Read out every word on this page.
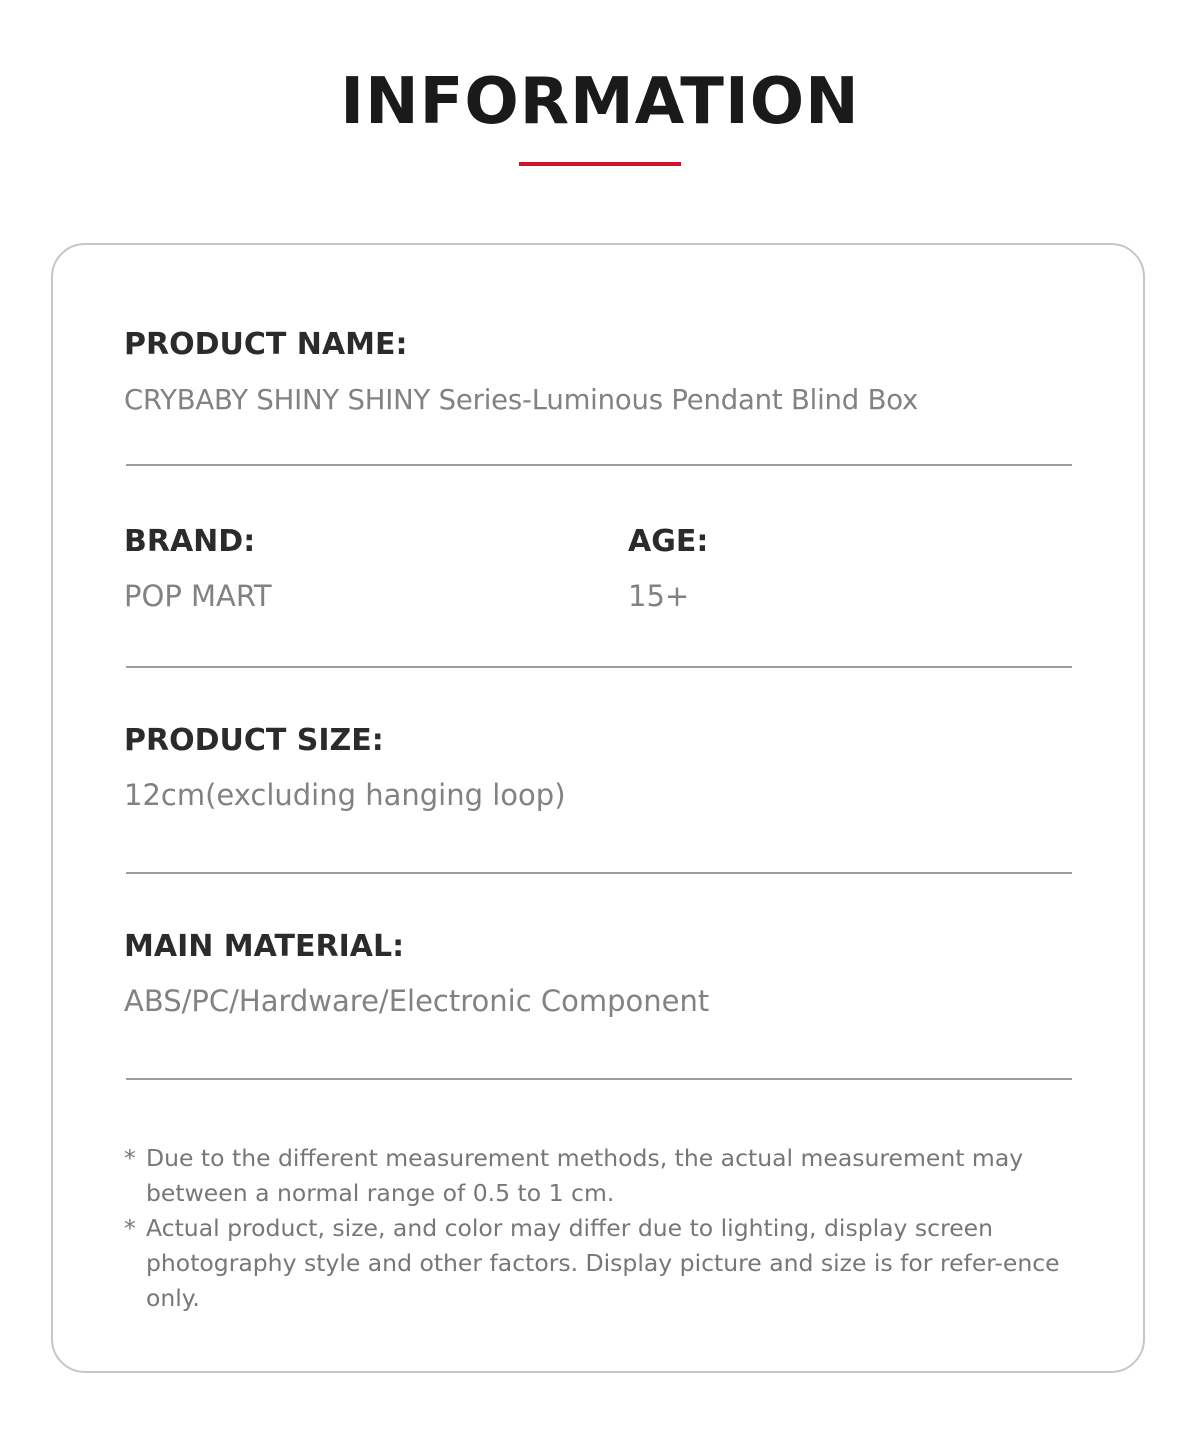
INFORMATION
PRODUCT NAME:
CRYBABY SHINY SHINY Series-Luminous Pendant Blind Box
BRAND:
POP MART
AGE:
15+
PRODUCT SIZE:
12cm(excluding hanging loop)
MAIN MATERIAL:
ABS/PC/Hardware/Electronic Component
* Due to the different measurement methods, the actual measurement may between a normal range of 0.5 to 1 cm.
* Actual product, size, and color may differ due to lighting, display screen photography style and other factors. Display picture and size is for refer-ence only.
